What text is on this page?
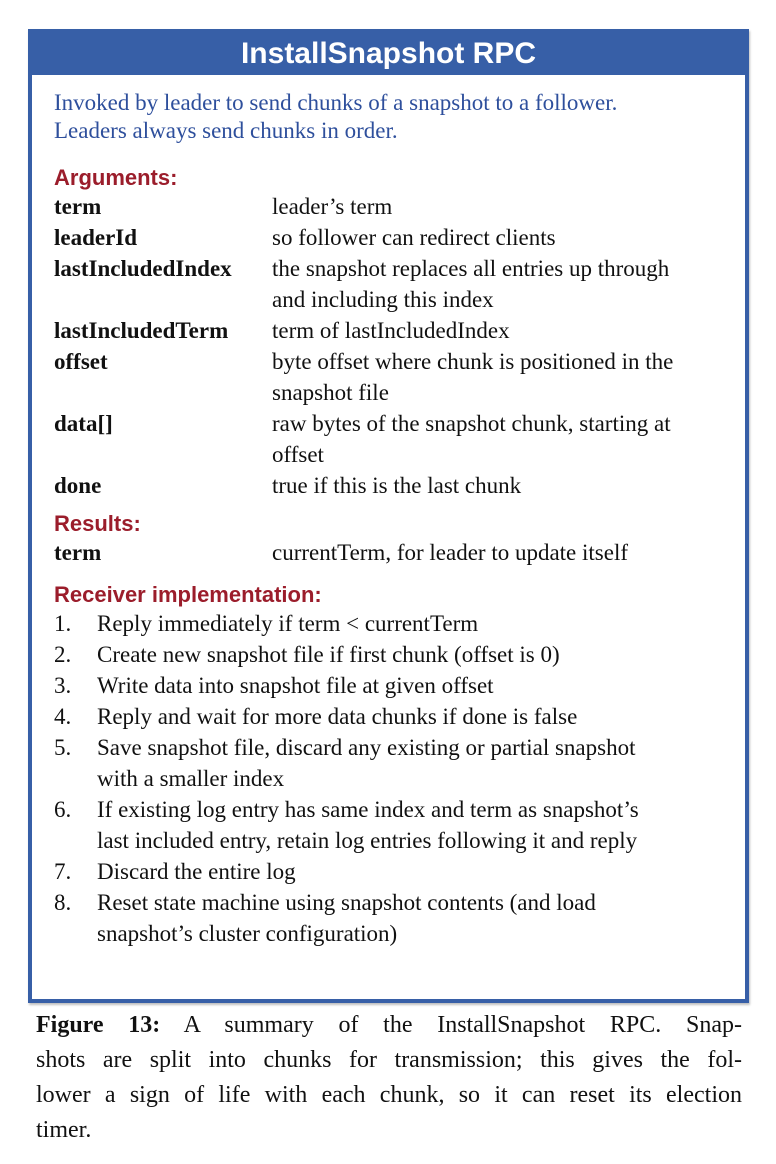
InstallSnapshot RPC

Invoked by leader to send chunks of a snapshot to a follower.
Leaders always send chunks in order.

Arguments:
term	leader’s term
leaderId	so follower can redirect clients
lastIncludedIndex	the snapshot replaces all entries up through
and including this index
lastIncludedTerm	term of lastIncludedIndex
offset	byte offset where chunk is positioned in the
snapshot file
data[]	raw bytes of the snapshot chunk, starting at
offset
done	true if this is the last chunk
Results:
term	currentTerm, for leader to update itself
Receiver implementation:
1.	Reply immediately if term < currentTerm
2.	Create new snapshot file if first chunk (offset is 0)
3.	Write data into snapshot file at given offset
4.	Reply and wait for more data chunks if done is false
5.	Save snapshot file, discard any existing or partial snapshot
with a smaller index
6.	If existing log entry has same index and term as snapshot’s
last included entry, retain log entries following it and reply
7.	Discard the entire log
8.	Reset state machine using snapshot contents (and load
snapshot’s cluster configuration)
Figure 13: A summary of the InstallSnapshot RPC. Snap-
shots are split into chunks for transmission; this gives the fol-
lower a sign of life with each chunk, so it can reset its election
timer.
